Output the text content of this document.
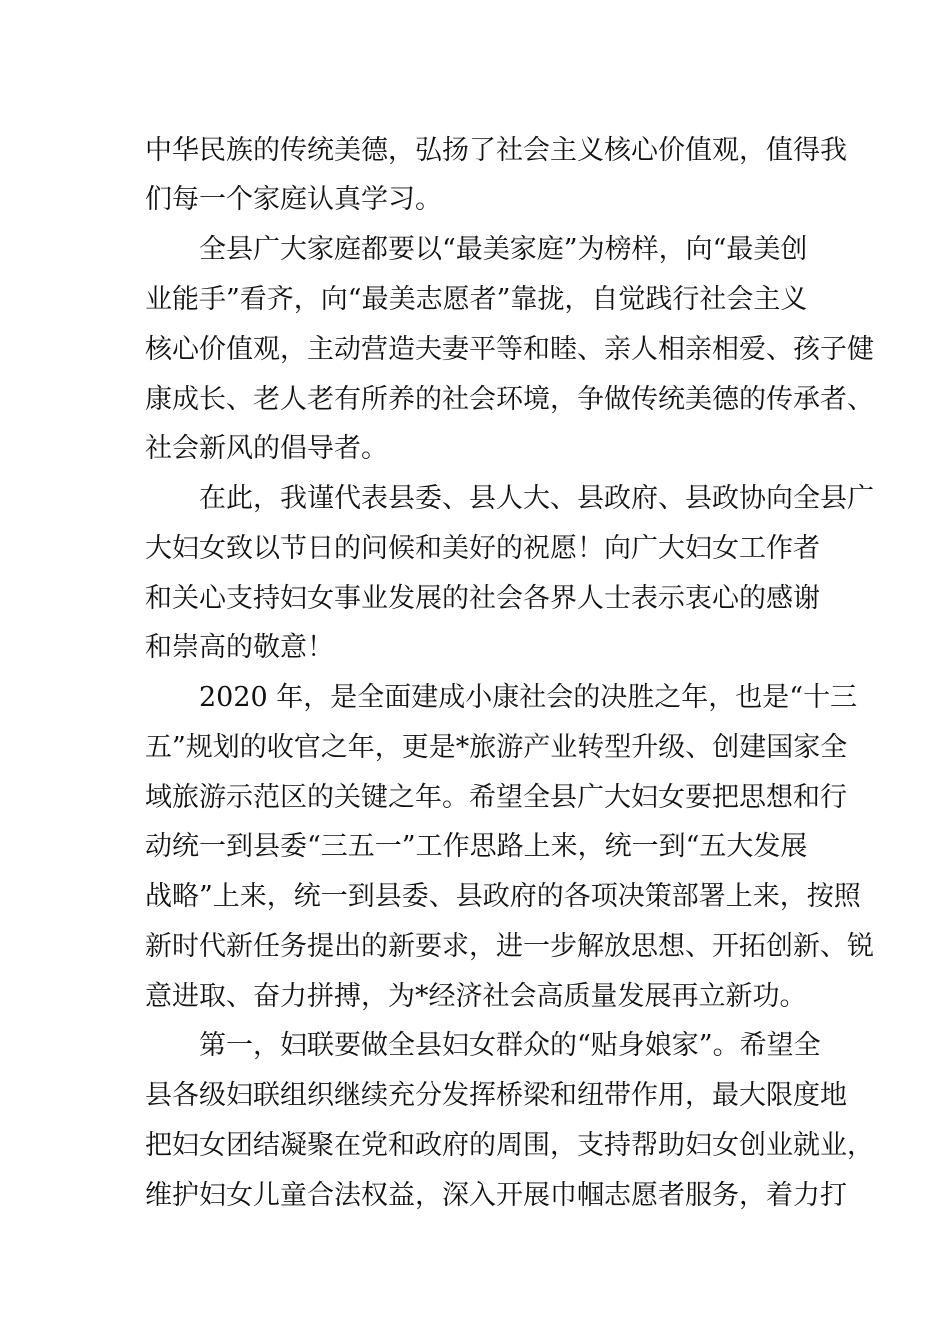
中华民族的传统美德，弘扬了社会主义核心价值观，值得我
们每一个家庭认真学习。
全县广大家庭都要以“最美家庭”为榜样，向“最美创
业能手”看齐，向“最美志愿者”靠拢，自觉践行社会主义
核心价值观，主动营造夫妻平等和睦、亲人相亲相爱、孩子健
康成长、老人老有所养的社会环境，争做传统美德的传承者、
社会新风的倡导者。
在此，我谨代表县委、县人大、县政府、县政协向全县广
大妇女致以节日的问候和美好的祝愿！向广大妇女工作者
和关心支持妇女事业发展的社会各界人士表示衷心的感谢
和崇高的敬意！
2020 年，是全面建成小康社会的决胜之年，也是“十三
五”规划的收官之年，更是*旅游产业转型升级、创建国家全
域旅游示范区的关键之年。希望全县广大妇女要把思想和行
动统一到县委“三五一”工作思路上来，统一到“五大发展
战略”上来，统一到县委、县政府的各项决策部署上来，按照
新时代新任务提出的新要求，进一步解放思想、开拓创新、锐
意进取、奋力拼搏，为*经济社会高质量发展再立新功。
第一，妇联要做全县妇女群众的“贴身娘家”。希望全
县各级妇联组织继续充分发挥桥梁和纽带作用，最大限度地
把妇女团结凝聚在党和政府的周围，支持帮助妇女创业就业，
维护妇女儿童合法权益，深入开展巾帼志愿者服务，着力打
